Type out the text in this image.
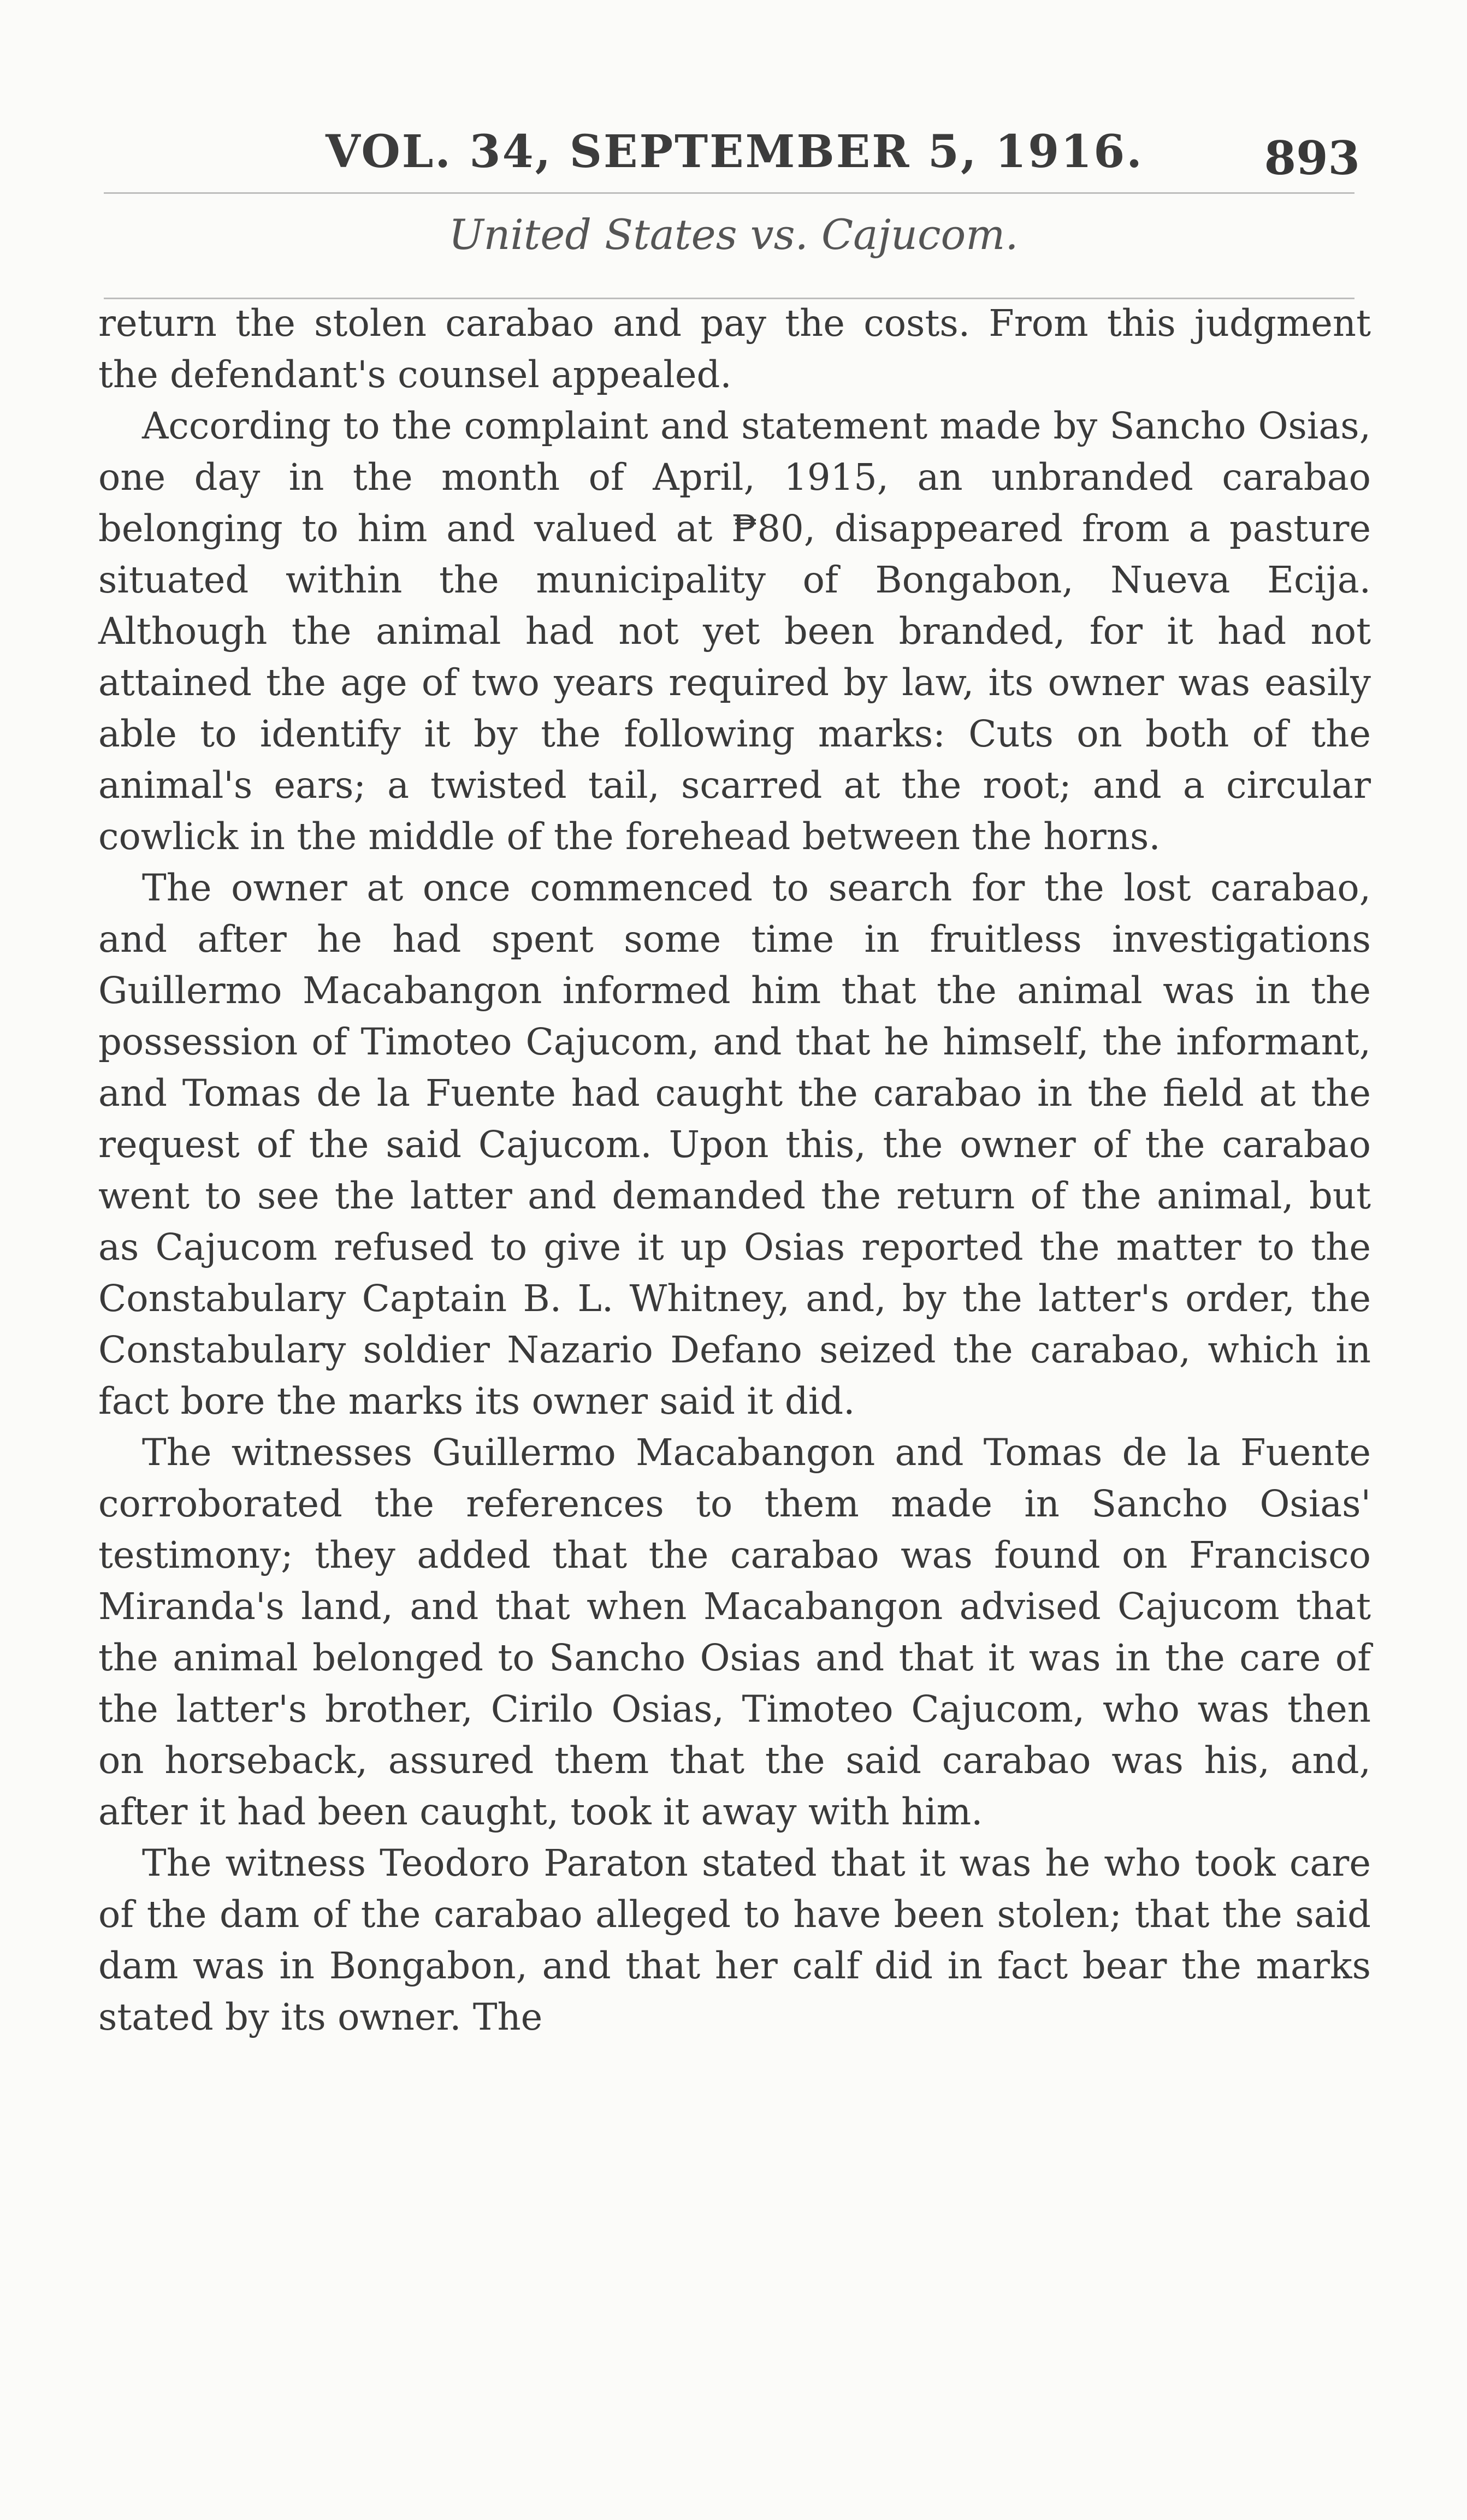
VOL. 34, SEPTEMBER 5, 1916.	893
United States vs. Cajucom.

return the stolen carabao and pay the costs. From this judgment the defendant's counsel appealed.

According to the complaint and statement made by Sancho Osias, one day in the month of April, 1915, an unbranded carabao belonging to him and valued at ₱80, disappeared from a pasture situated within the municipality of Bongabon, Nueva Ecija. Although the animal had not yet been branded, for it had not attained the age of two years required by law, its owner was easily able to identify it by the following marks: Cuts on both of the animal's ears; a twisted tail, scarred at the root; and a circular cowlick in the middle of the forehead between the horns.

The owner at once commenced to search for the lost carabao, and after he had spent some time in fruitless investigations Guillermo Macabangon informed him that the animal was in the possession of Timoteo Cajucom, and that he himself, the informant, and Tomas de la Fuente had caught the carabao in the field at the request of the said Cajucom. Upon this, the owner of the carabao went to see the latter and demanded the return of the animal, but as Cajucom refused to give it up Osias reported the matter to the Constabulary Captain B. L. Whitney, and, by the latter's order, the Constabulary soldier Nazario Defano seized the carabao, which in fact bore the marks its owner said it did.

The witnesses Guillermo Macabangon and Tomas de la Fuente corroborated the references to them made in Sancho Osias' testimony; they added that the carabao was found on Francisco Miranda's land, and that when Macabangon advised Cajucom that the animal belonged to Sancho Osias and that it was in the care of the latter's brother, Cirilo Osias, Timoteo Cajucom, who was then on horseback, assured them that the said carabao was his, and, after it had been caught, took it away with him.

The witness Teodoro Paraton stated that it was he who took care of the dam of the carabao alleged to have been stolen; that the said dam was in Bongabon, and that her calf did in fact bear the marks stated by its owner. The
